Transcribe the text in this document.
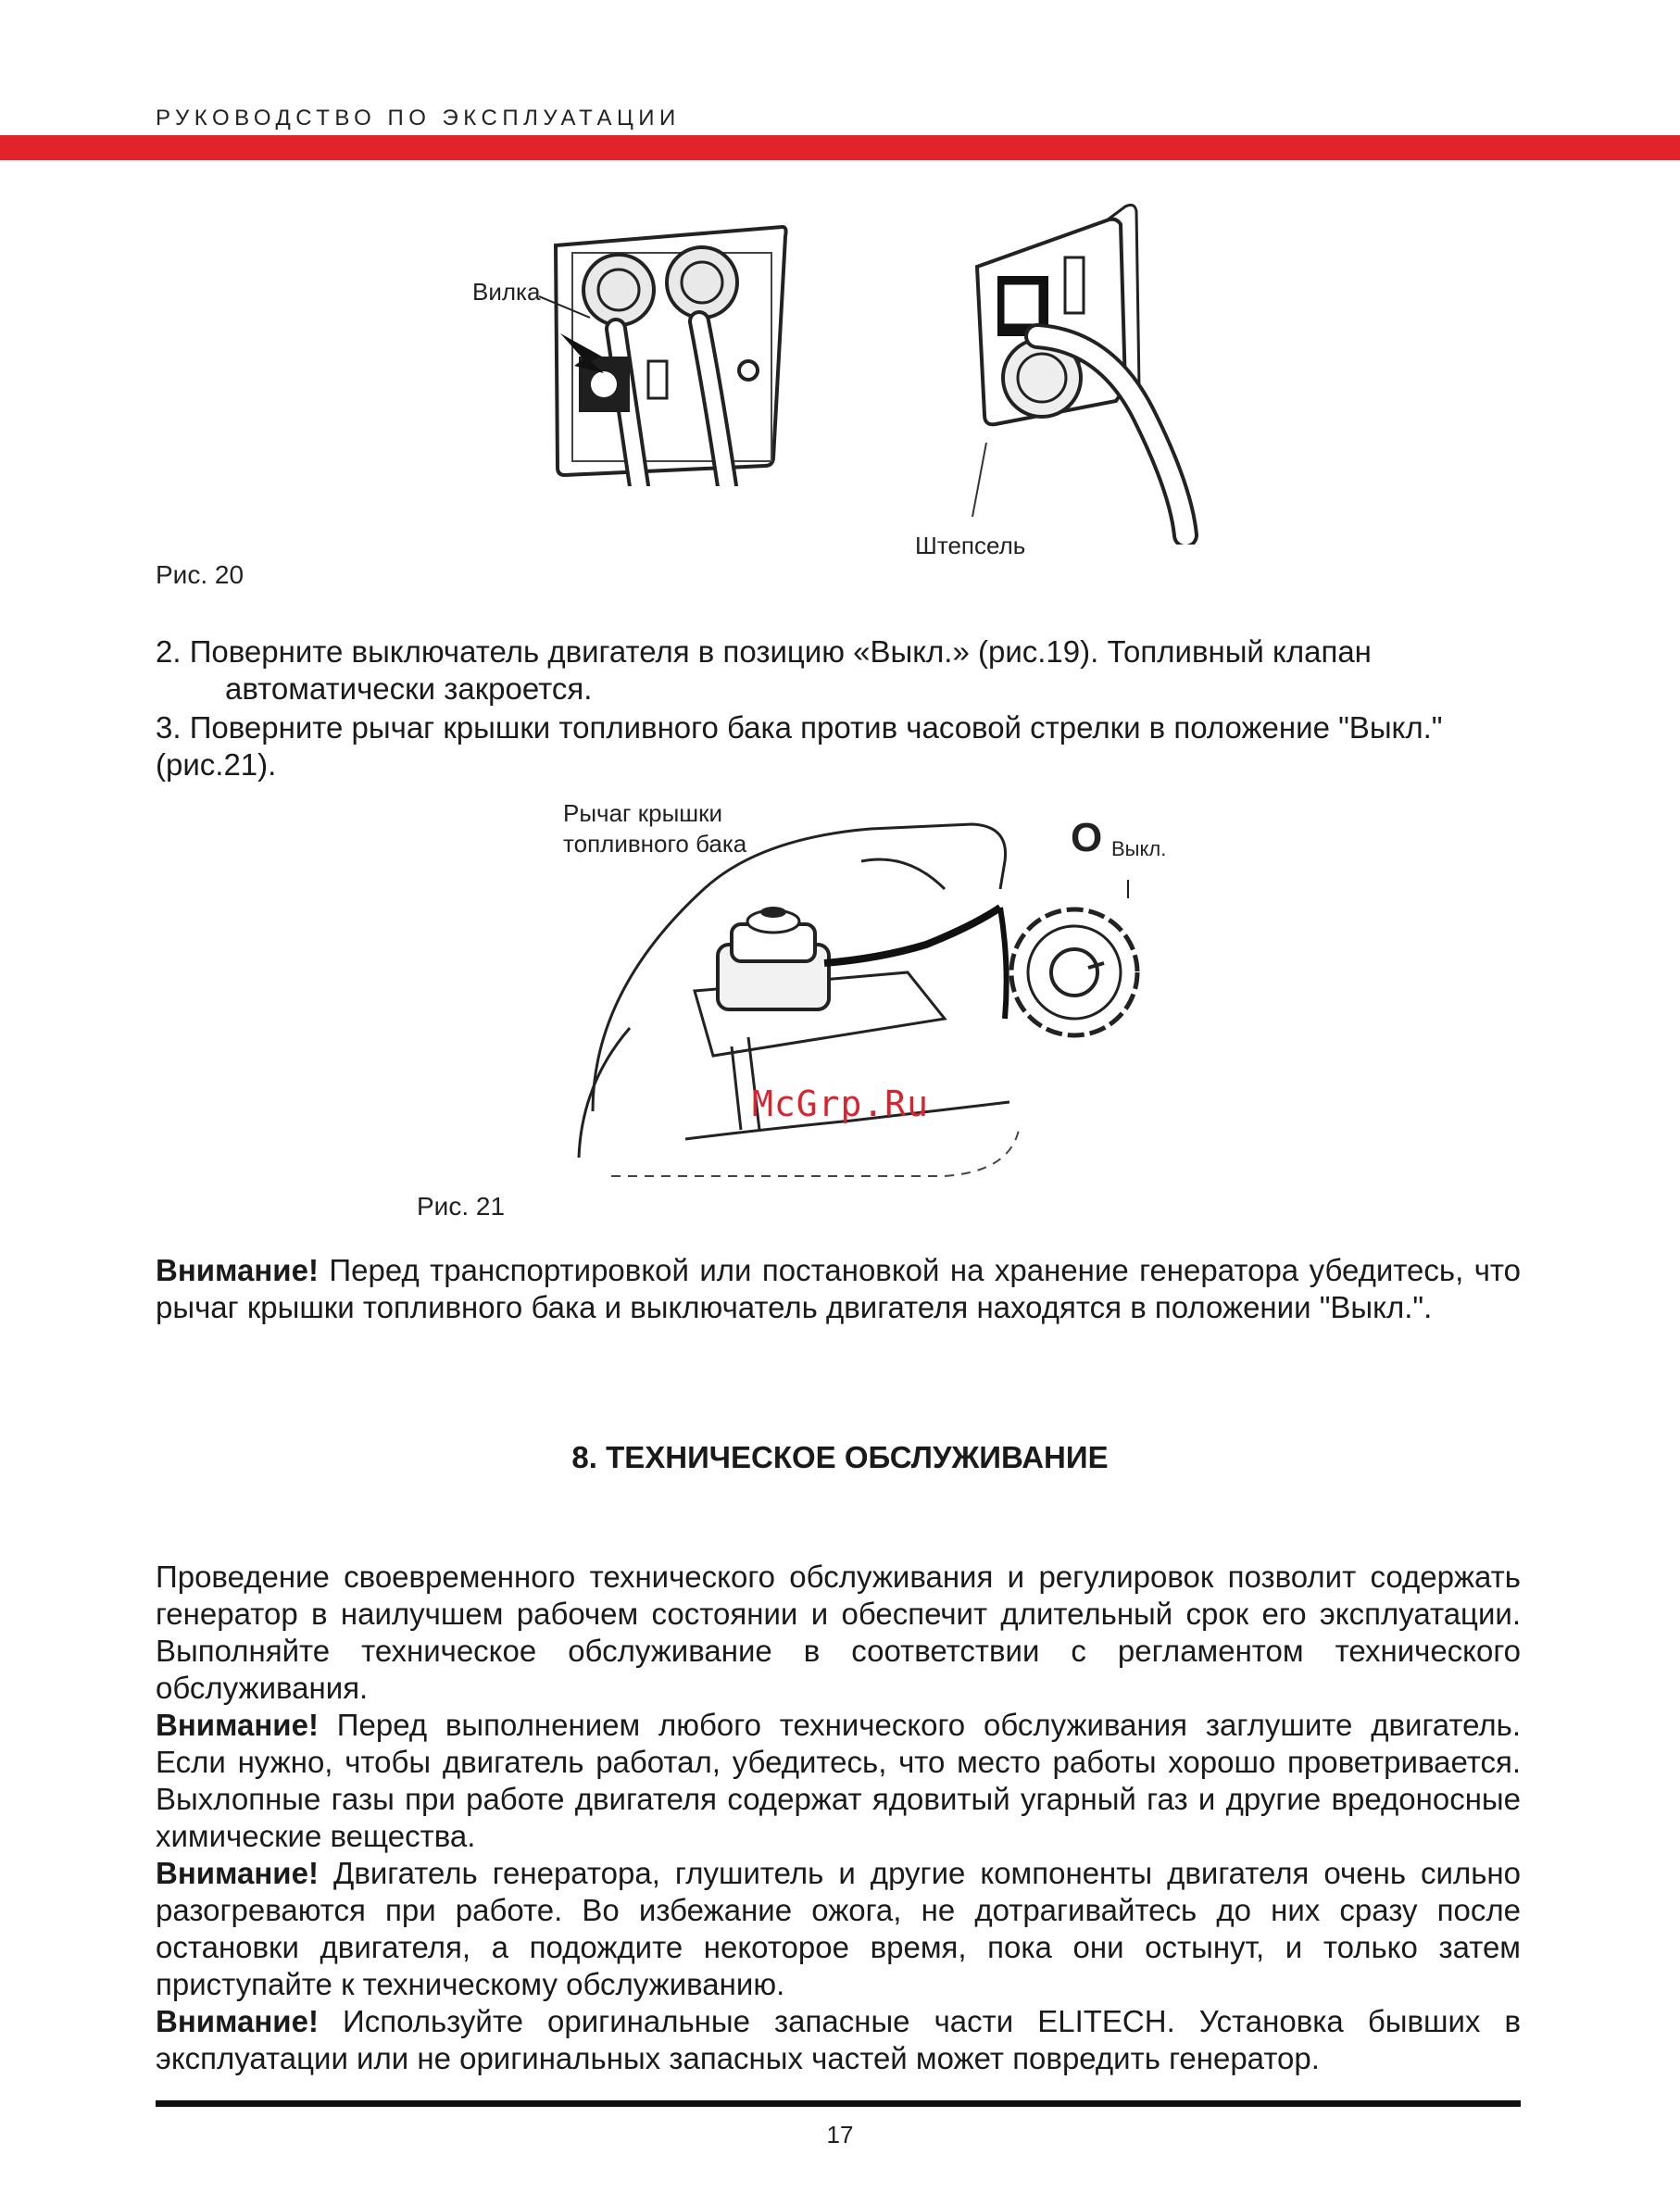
РУКОВОДСТВО ПО ЭКСПЛУАТАЦИИ
Вилка
Штепсель
Рис. 20
2. Поверните выключатель двигателя в позицию «Выкл.» (рис.19). Топливный клапан
автоматически закроется.
3. Поверните рычаг крышки топливного бака против часовой стрелки в положение "Выкл." (рис.21).
Рычаг крышки
топливного бака	O Выкл.
McGrp.Ru
Рис. 21
Внимание! Перед транспортировкой или постановкой на хранение генератора убедитесь, что рычаг крышки топливного бака и выключатель двигателя находятся в положении "Выкл.".
8. ТЕХНИЧЕСКОЕ ОБСЛУЖИВАНИЕ
Проведение своевременного технического обслуживания и регулировок позволит содержать генератор в наилучшем рабочем состоянии и обеспечит длительный срок его эксплуатации. Выполняйте техническое обслуживание в соответствии с регламентом технического обслуживания.
Внимание! Перед выполнением любого технического обслуживания заглушите двигатель. Если нужно, чтобы двигатель работал, убедитесь, что место работы хорошо проветривается. Выхлопные газы при работе двигателя содержат ядовитый угарный газ и другие вредоносные химические вещества.
Внимание! Двигатель генератора, глушитель и другие компоненты двигателя очень сильно разогреваются при работе. Во избежание ожога, не дотрагивайтесь до них сразу после остановки двигателя, а подождите некоторое время, пока они остынут, и только затем приступайте к техническому обслуживанию.
Внимание! Используйте оригинальные запасные части ELITECH. Установка бывших в эксплуатации или не оригинальных запасных частей может повредить генератор.
17
